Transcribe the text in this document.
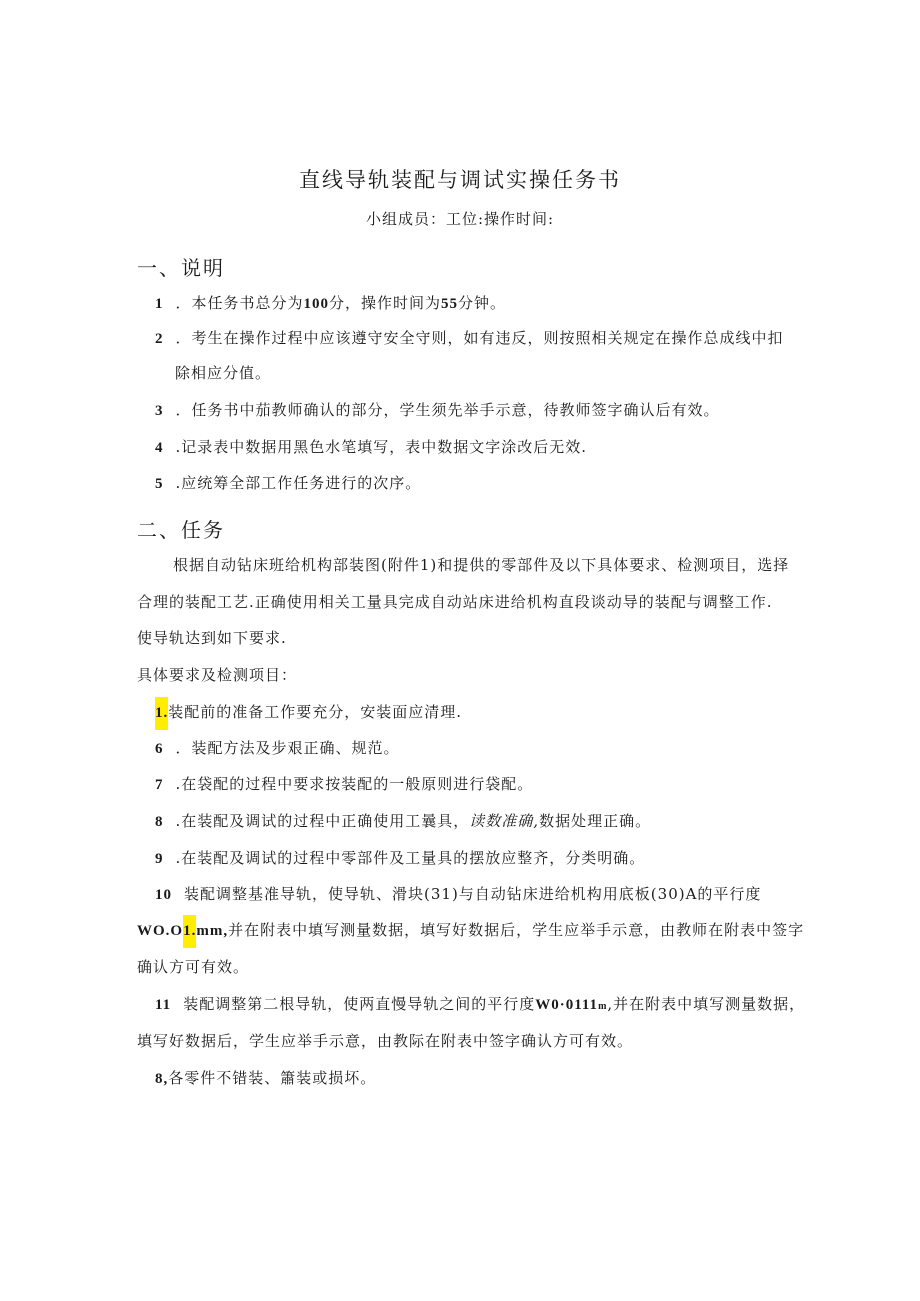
直线导轨装配与调试实操任务书
小组成员：工位:操作时间:
一、说明
1 ．本任务书总分为100分，操作时间为55分钟。
2 ．考生在操作过程中应该遵守安全守则，如有违反，则按照相关规定在操作总成线中扣
除相应分值。
3 ．任务书中茄教师确认的部分，学生须先举手示意，待教师签字确认后有效。
4 .记录表中数据用黑色水笔填写，表中数据文字涂改后无效.
5 .应统筹全部工作任务进行的次序。
二、任务
根据自动钻床班给机构部装图(附件1)和提供的零部件及以下具体要求、检测项目，选择
合理的装配工艺.正确使用相关工量具完成自动站床进给机构直段谈动导的装配与调整工作.
使导轨达到如下要求.
具体要求及检测项目：
1.装配前的准备工作要充分，安装面应清理.
6 ．装配方法及步艰正确、规范。
7 .在袋配的过程中要求按装配的一般原则进行袋配。
8 .在装配及调试的过程中正确使用工曩具，读数准确,数据处理正确。
9 .在装配及调试的过程中零部件及工量具的摆放应整齐，分类明确。
10 装配调整基准导轨，使导轨、滑块(31)与自动钻床进给机构用底板(30)A的平行度
WO.O1.mm,并在附表中填写测量数据，填写好数据后，学生应举手示意，由教师在附表中签字
确认方可有效。
11 装配调整第二根导轨，使两直慢导轨之间的平行度W0·0111m,并在附表中填写测量数据，
填写好数据后，学生应举手示意，由教际在附表中签字确认方可有效。
8,各零件不错装、簫装或损坏。
